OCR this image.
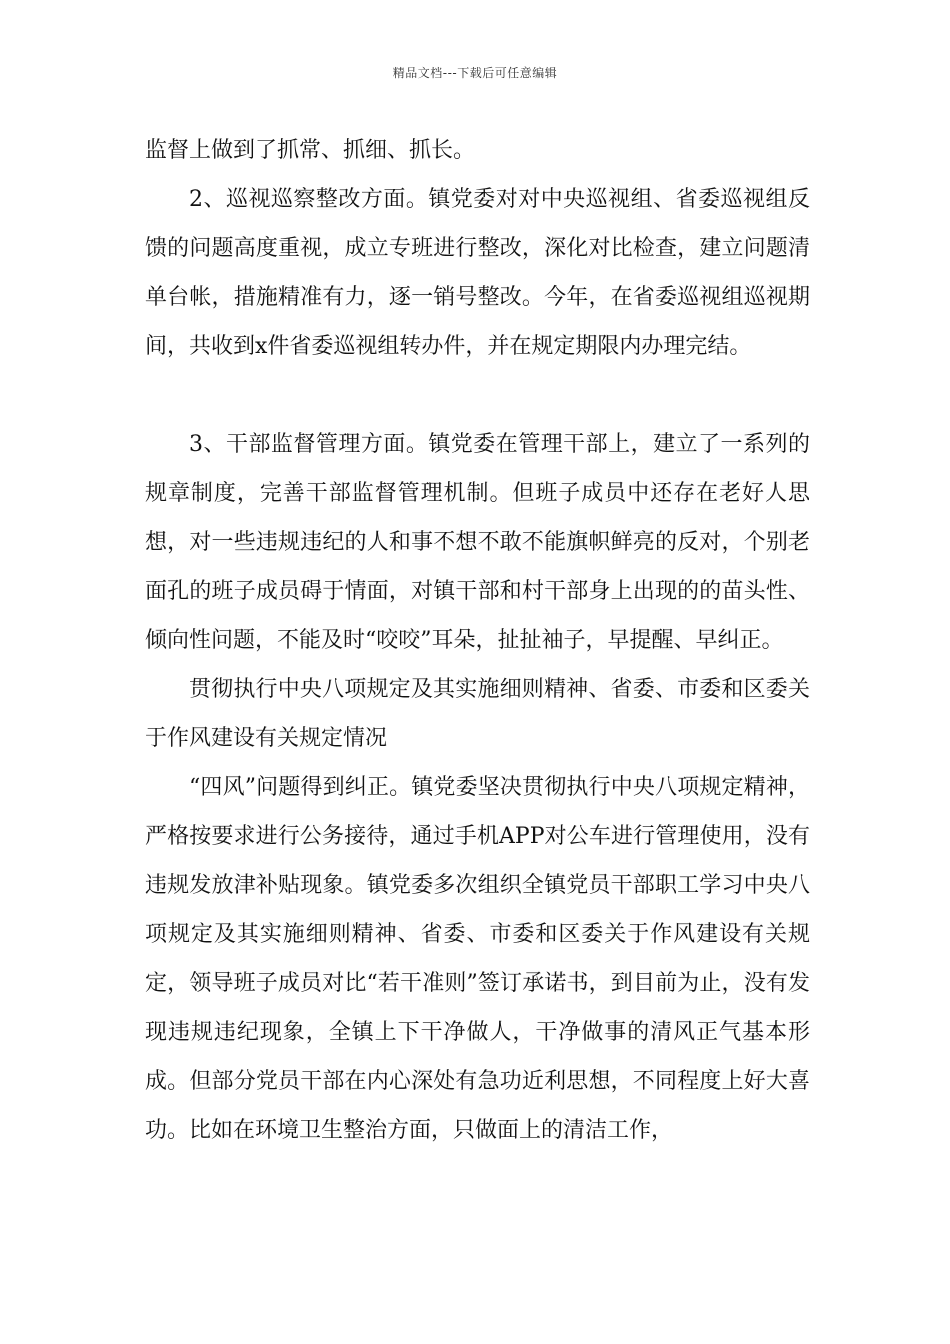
精品文档---下载后可任意编辑

监督上做到了抓常、抓细、抓长。

2、巡视巡察整改方面。镇党委对对中央巡视组、省委巡视组反馈的问题高度重视，成立专班进行整改，深化对比检查，建立问题清单台帐，措施精准有力，逐一销号整改。今年，在省委巡视组巡视期间，共收到x件省委巡视组转办件，并在规定期限内办理完结。

3、干部监督管理方面。镇党委在管理干部上，建立了一系列的规章制度，完善干部监督管理机制。但班子成员中还存在老好人思想，对一些违规违纪的人和事不想不敢不能旗帜鲜亮的反对，个别老面孔的班子成员碍于情面，对镇干部和村干部身上出现的的苗头性、倾向性问题，不能及时“咬咬”耳朵，扯扯袖子，早提醒、早纠正。

贯彻执行中央八项规定及其实施细则精神、省委、市委和区委关于作风建设有关规定情况

“四风”问题得到纠正。镇党委坚决贯彻执行中央八项规定精神，严格按要求进行公务接待，通过手机APP对公车进行管理使用，没有违规发放津补贴现象。镇党委多次组织全镇党员干部职工学习中央八项规定及其实施细则精神、省委、市委和区委关于作风建设有关规定，领导班子成员对比“若干准则”签订承诺书，到目前为止，没有发现违规违纪现象，全镇上下干净做人，干净做事的清风正气基本形成。但部分党员干部在内心深处有急功近利思想，不同程度上好大喜功。比如在环境卫生整治方面，只做面上的清洁工作，
